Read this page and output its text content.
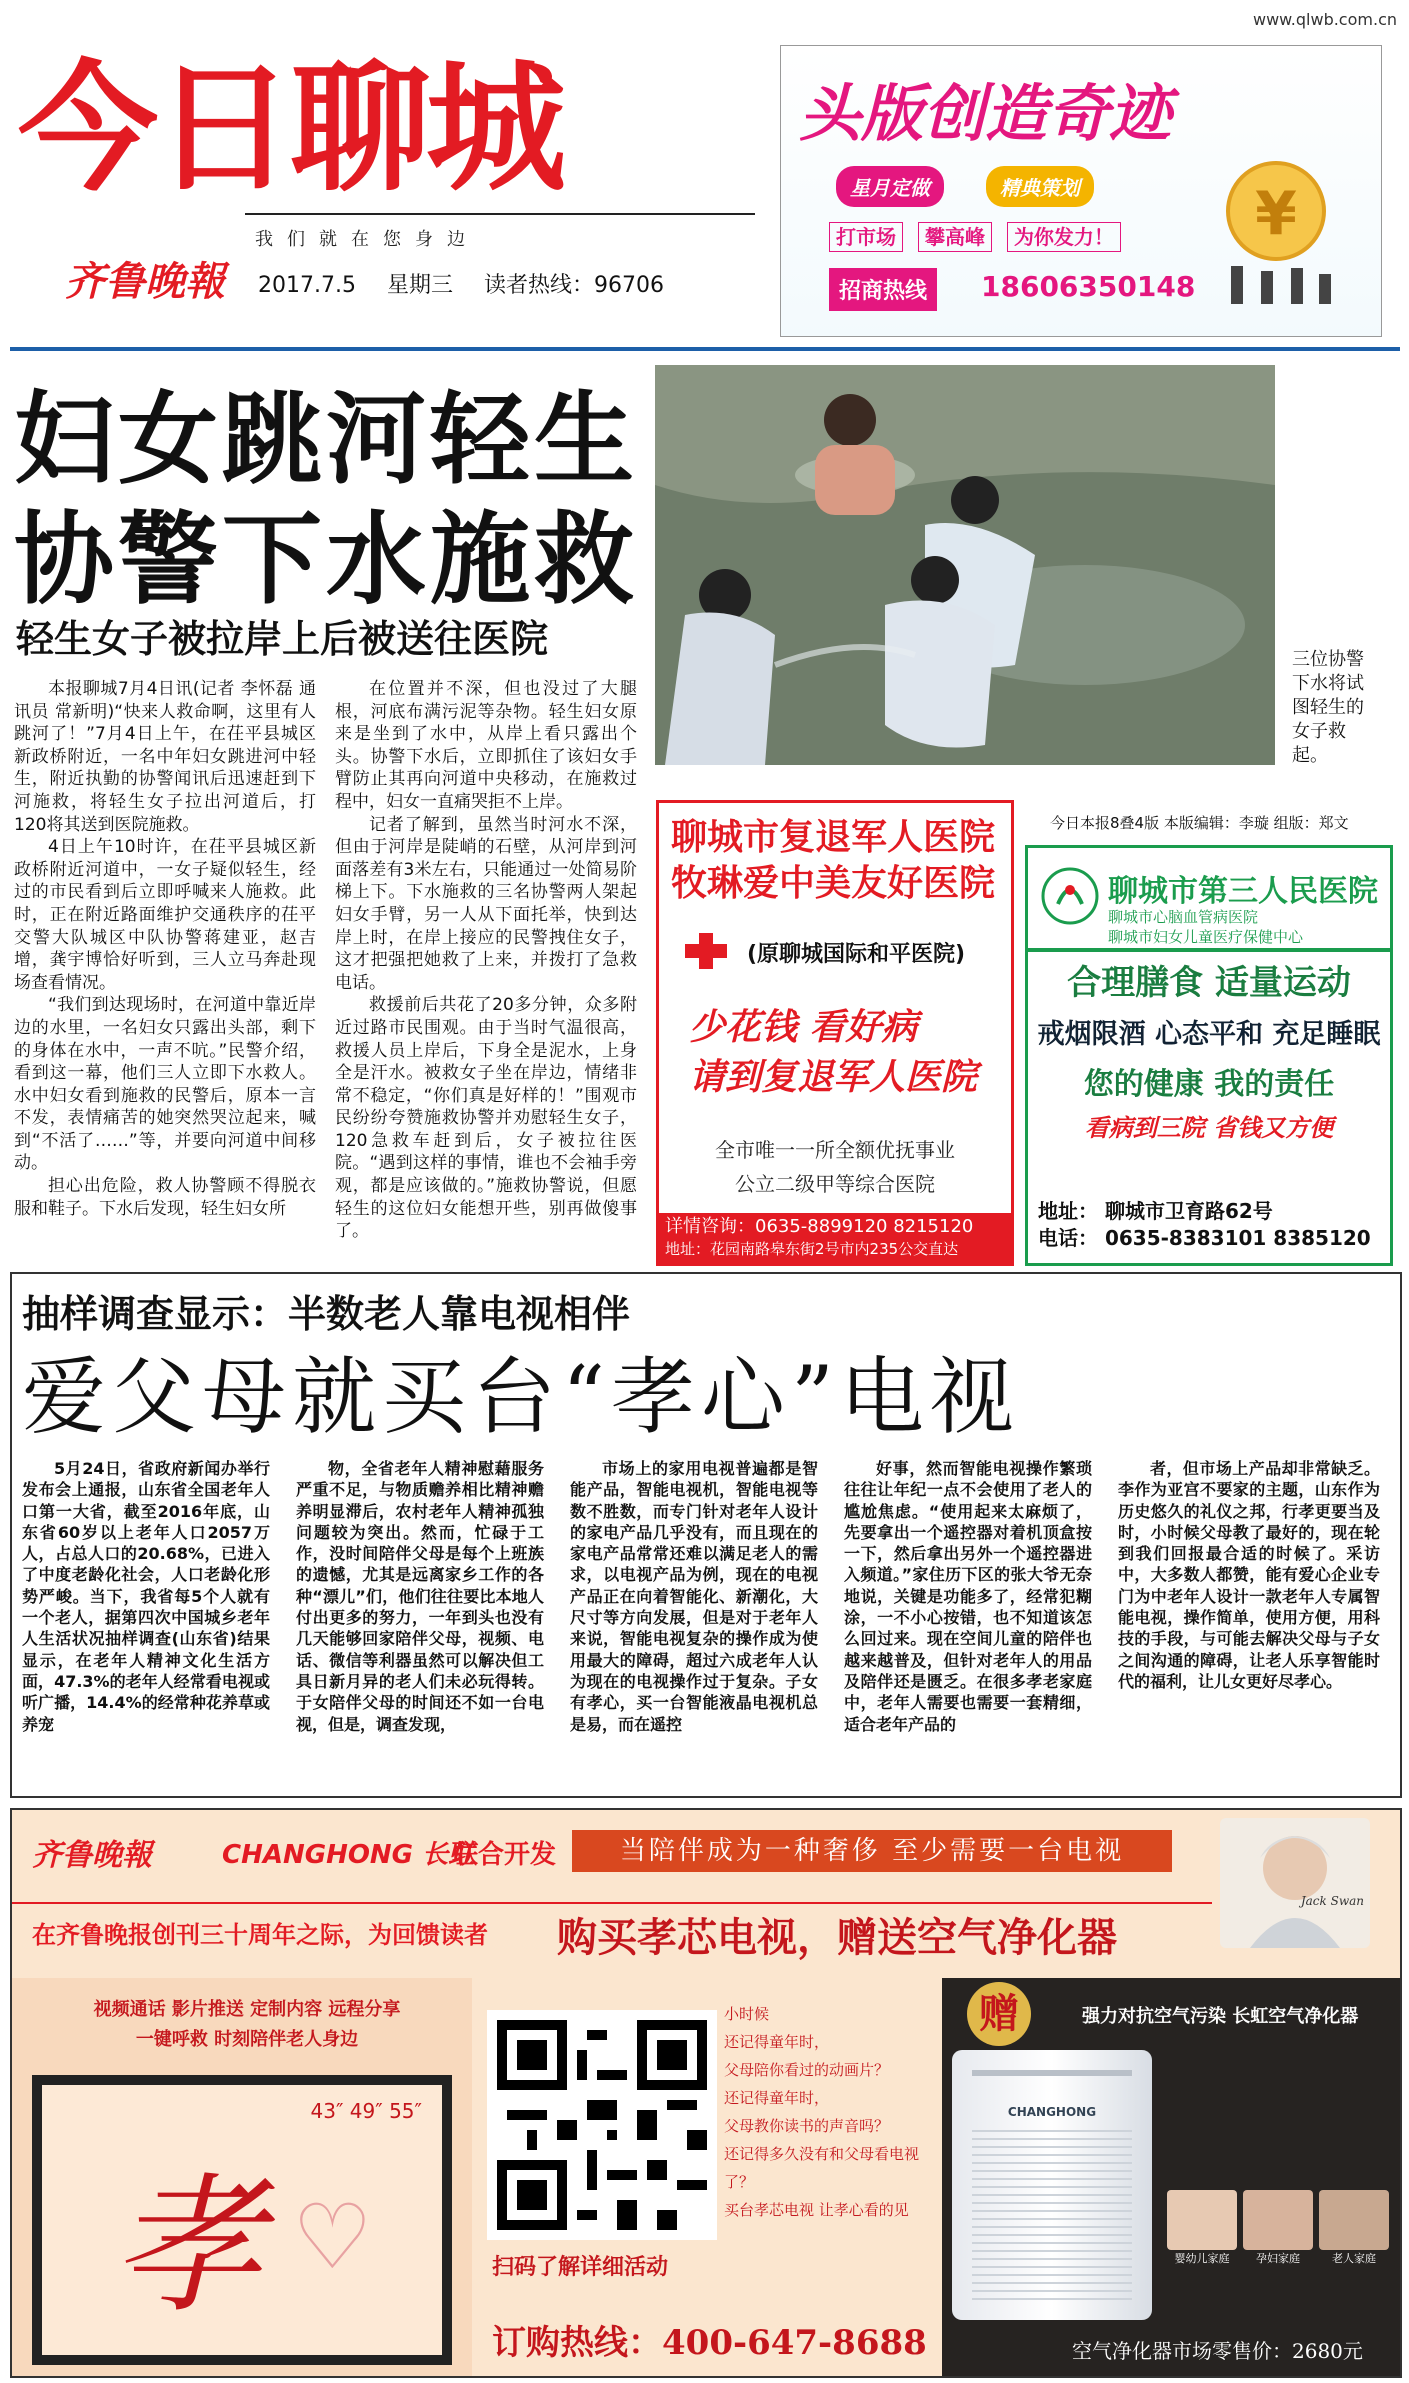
www.qlwb.com.cn
今日聊城
我们就在您身边
齐鲁晚報 2017.7.5 星期三 读者热线：96706
头版创造奇迹
星月定做	精典策划
打市场 攀高峰 为你发力！
招商热线	18606350148
¥
妇女跳河轻生
协警下水施救
轻生女子被拉岸上后被送往医院	三位协警下水将试图轻生的女子救起。

本报聊城7月4日讯(记者 李怀磊 通讯员 常新明)“快来人救命啊，这里有人跳河了！”7月4日上午，在茌平县城区新政桥附近，一名中年妇女跳进河中轻生，附近执勤的协警闻讯后迅速赶到下河施救，将轻生女子拉出河道后，打120将其送到医院施救。

4日上午10时许，在茌平县城区新政桥附近河道中，一女子疑似轻生，经过的市民看到后立即呼喊来人施救。此时，正在附近路面维护交通秩序的茌平交警大队城区中队协警蒋建亚，赵吉增，龚宇博恰好听到，三人立马奔赴现场查看情况。

“我们到达现场时，在河道中靠近岸边的水里，一名妇女只露出头部，剩下的身体在水中，一声不吭。”民警介绍，看到这一幕，他们三人立即下水救人。水中妇女看到施救的民警后，原本一言不发，表情痛苦的她突然哭泣起来，喊到“不活了……”等，并要向河道中间移动。

担心出危险，救人协警顾不得脱衣服和鞋子。下水后发现，轻生妇女所

在位置并不深，但也没过了大腿根，河底布满污泥等杂物。轻生妇女原来是坐到了水中，从岸上看只露出个头。协警下水后，立即抓住了该妇女手臂防止其再向河道中央移动，在施救过程中，妇女一直痛哭拒不上岸。

记者了解到，虽然当时河水不深，但由于河岸是陡峭的石壁，从河岸到河面落差有3米左右，只能通过一处简易阶梯上下。下水施救的三名协警两人架起妇女手臂，另一人从下面托举，快到达岸上时，在岸上接应的民警拽住女子，这才把强把她救了上来，并拨打了急救电话。

救援前后共花了20多分钟，众多附近过路市民围观。由于当时气温很高，救援人员上岸后，下身全是泥水，上身全是汗水。被救女子坐在岸边，情绪非常不稳定，“你们真是好样的！”围观市民纷纷夸赞施救协警并劝慰轻生女子，120急救车赶到后，女子被拉往医院。“遇到这样的事情，谁也不会袖手旁观，都是应该做的。”施救协警说，但愿轻生的这位妇女能想开些，别再做傻事了。

聊城市复退军人医院
牧琳爱中美友好医院
(原聊城国际和平医院)
少花钱 看好病
请到复退军人医院
全市唯一一所全额优抚事业
公立二级甲等综合医院
详情咨询：0635-8899120 8215120
地址：花园南路皋东街2号市内235公交直达
今日本报8叠4版 本版编辑：李璇 组版：郑文
聊城市第三人民医院
聊城市心脑血管病医院
聊城市妇女儿童医疗保健中心
合理膳食 适量运动
戒烟限酒 心态平和 充足睡眠
您的健康 我的责任
看病到三院 省钱又方便
地址： 聊城市卫育路62号
电话： 0635-8383101 8385120
抽样调查显示：半数老人靠电视相伴
爱父母就买台“孝心”电视

5月24日，省政府新闻办举行发布会上通报，山东省全国老年人口第一大省，截至2016年底，山东省60岁以上老年人口2057万人，占总人口的20.68%，已进入了中度老龄化社会，人口老龄化形势严峻。当下，我省每5个人就有一个老人，据第四次中国城乡老年人生活状况抽样调查(山东省)结果显示，在老年人精神文化生活方面，47.3%的老年人经常看电视或听广播，14.4%的经常种花养草或养宠

物，全省老年人精神慰藉服务严重不足，与物质赡养相比精神赡养明显滞后，农村老年人精神孤独问题较为突出。然而，忙碌于工作，没时间陪伴父母是每个上班族的遗憾，尤其是远离家乡工作的各种“漂儿”们，他们往往要比本地人付出更多的努力，一年到头也没有几天能够回家陪伴父母，视频、电话、微信等利器虽然可以解决但工具日新月异的老人们未必玩得转。于女陪伴父母的时间还不如一台电视，但是，调查发现，

市场上的家用电视普遍都是智能产品，智能电视机，智能电视等数不胜数，而专门针对老年人设计的家电产品几乎没有，而且现在的家电产品常常还难以满足老人的需求，以电视产品为例，现在的电视产品正在向着智能化、新潮化，大尺寸等方向发展，但是对于老年人来说，智能电视复杂的操作成为使用最大的障碍，超过六成老年人认为现在的电视操作过于复杂。子女有孝心，买一台智能液晶电视机总是易，而在遥控

好事，然而智能电视操作繁琐往往让年纪一点不会使用了老人的尴尬焦虑。“使用起来太麻烦了，先要拿出一个遥控器对着机顶盒按一下，然后拿出另外一个遥控器进入频道。”家住历下区的张大爷无奈地说，关键是功能多了，经常犯糊涂，一不小心按错，也不知道该怎么回过来。现在空间儿童的陪伴也越来越普及，但针对老年人的用品及陪伴还是匮乏。在很多孝老家庭中，老年人需要也需要一套精细，适合老年产品的

者，但市场上产品却非常缺乏。李作为亚宫不要家的主题，山东作为历史悠久的礼仪之邦，行孝更要当及时，小时候父母教了最好的，现在轮到我们回报最合适的时候了。采访中，大多数人都赞，能有爱心企业专门为中老年人设计一款老年人专属智能电视，操作简单，使用方便，用科技的手段，与可能去解决父母与子女之间沟通的障碍，让老人乐享智能时代的福利，让儿女更好尽孝心。

齐鲁晚報	CHANGHONG 长虹
联合开发	当陪伴成为一种奢侈 至少需要一台电视
Jack Swan
在齐鲁晚报创刊三十周年之际，为回馈读者 购买孝芯电视，赠送空气净化器
视频通话 影片推送 定制内容 远程分享
一键呼救 时刻陪伴老人身边
43″ 49″ 55″
孝 ♡	扫码了解详细活动
订购热线：400-647-8688
小时候
还记得童年时，
父母陪你看过的动画片？
还记得童年时，
父母教你读书的声音吗？
还记得多久没有和父母看电视了？
买台孝芯电视 让孝心看的见
赠	强力对抗空气污染 长虹空气净化器
CHANGHONG
婴幼儿家庭	孕妇家庭	老人家庭
空气净化器市场零售价：2680元
